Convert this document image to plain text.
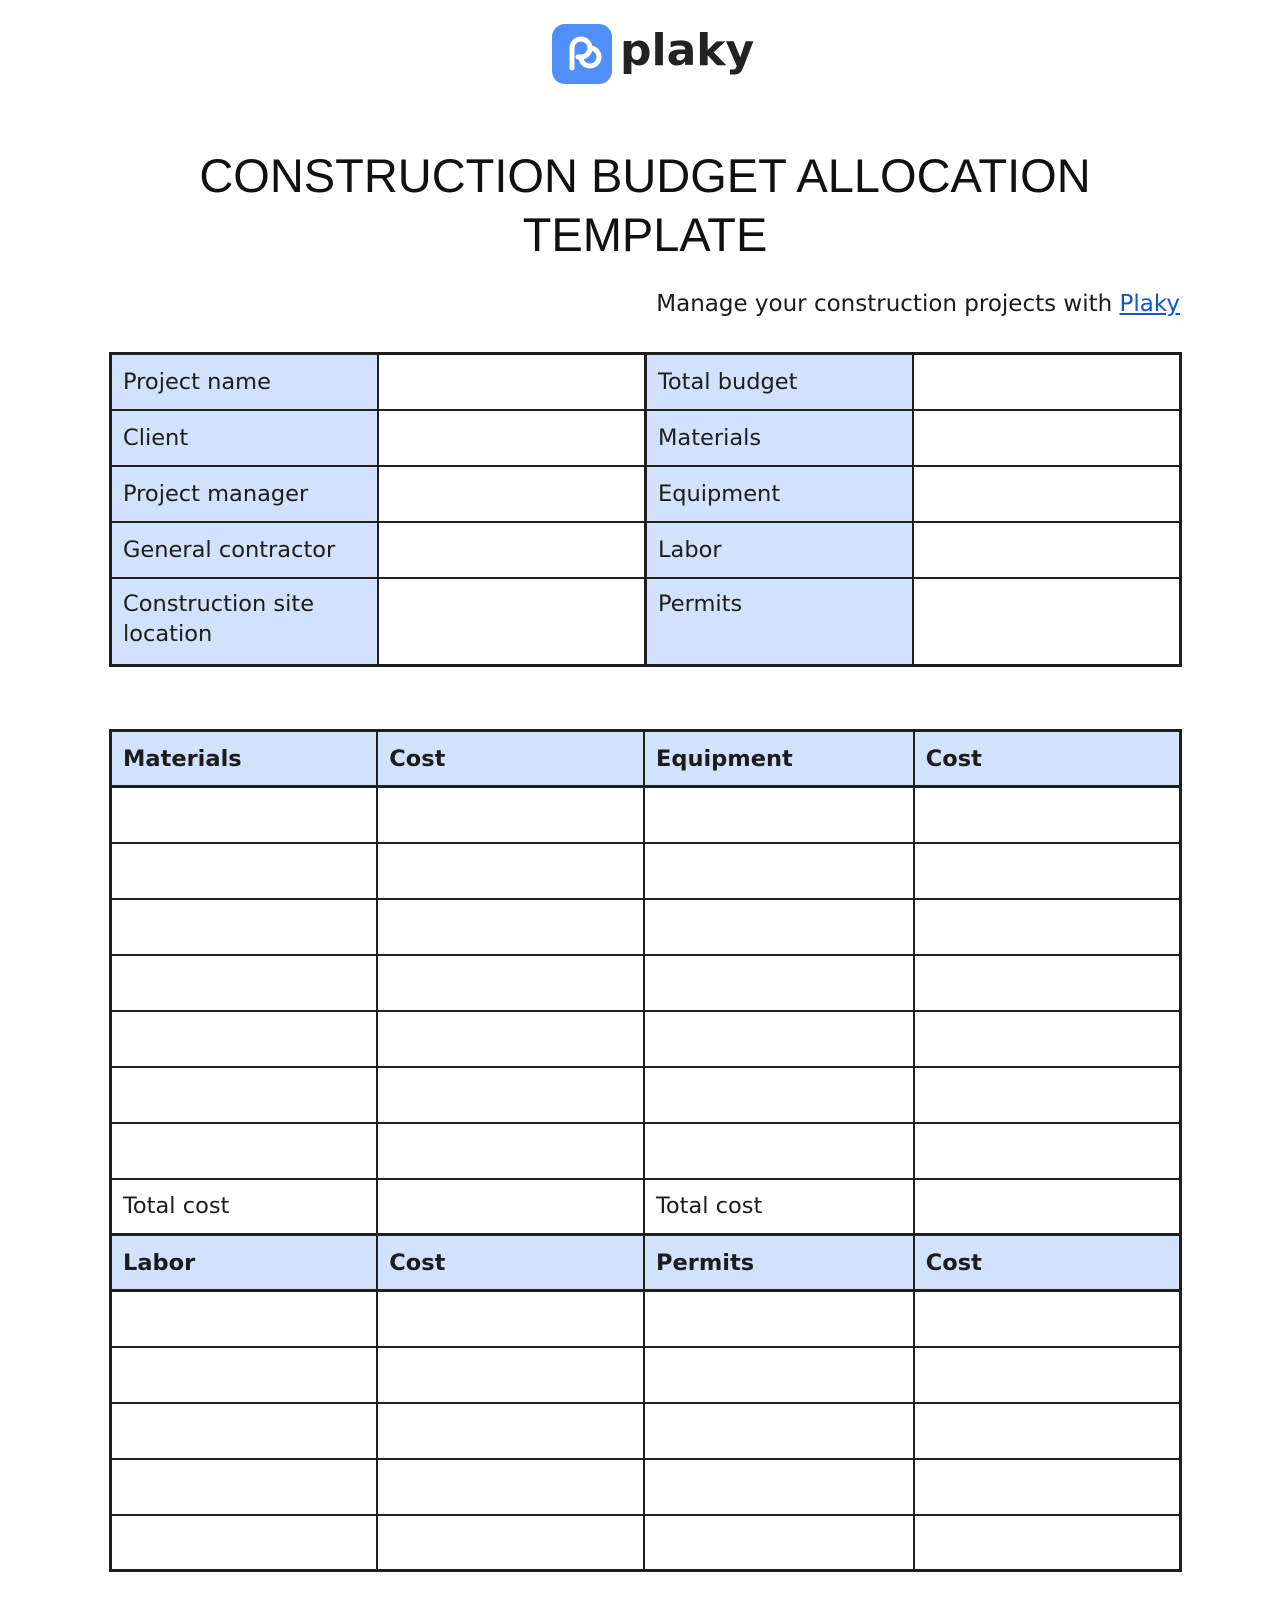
plaky
CONSTRUCTION BUDGET ALLOCATION
TEMPLATE
Manage your construction projects with Plaky
Project name		Total budget	
Client		Materials	
Project manager		Equipment	
General contractor		Labor	
Construction site location		Permits	
Materials	Cost	Equipment	Cost

Total cost		Total cost	
Labor	Cost	Permits	Cost
